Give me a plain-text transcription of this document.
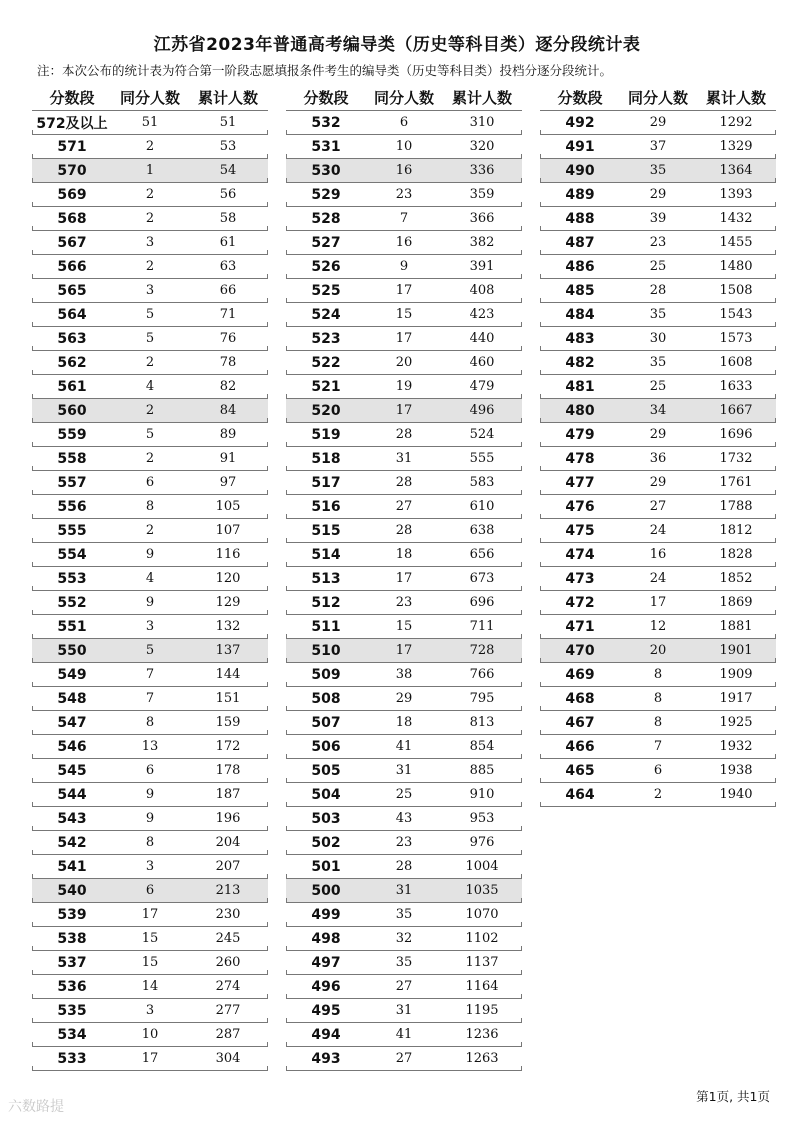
江苏省2023年普通高考编导类（历史等科目类）逐分段统计表
注：本次公布的统计表为符合第一阶段志愿填报条件考生的编导类（历史等科目类）投档分逐分段统计。
分数段	同分人数	累计人数
572及以上	51	51
571	2	53
570	1	54
569	2	56
568	2	58
567	3	61
566	2	63
565	3	66
564	5	71
563	5	76
562	2	78
561	4	82
560	2	84
559	5	89
558	2	91
557	6	97
556	8	105
555	2	107
554	9	116
553	4	120
552	9	129
551	3	132
550	5	137
549	7	144
548	7	151
547	8	159
546	13	172
545	6	178
544	9	187
543	9	196
542	8	204
541	3	207
540	6	213
539	17	230
538	15	245
537	15	260
536	14	274
535	3	277
534	10	287
533	17	304
分数段	同分人数	累计人数
532	6	310
531	10	320
530	16	336
529	23	359
528	7	366
527	16	382
526	9	391
525	17	408
524	15	423
523	17	440
522	20	460
521	19	479
520	17	496
519	28	524
518	31	555
517	28	583
516	27	610
515	28	638
514	18	656
513	17	673
512	23	696
511	15	711
510	17	728
509	38	766
508	29	795
507	18	813
506	41	854
505	31	885
504	25	910
503	43	953
502	23	976
501	28	1004
500	31	1035
499	35	1070
498	32	1102
497	35	1137
496	27	1164
495	31	1195
494	41	1236
493	27	1263
分数段	同分人数	累计人数
492	29	1292
491	37	1329
490	35	1364
489	29	1393
488	39	1432
487	23	1455
486	25	1480
485	28	1508
484	35	1543
483	30	1573
482	35	1608
481	25	1633
480	34	1667
479	29	1696
478	36	1732
477	29	1761
476	27	1788
475	24	1812
474	16	1828
473	24	1852
472	17	1869
471	12	1881
470	20	1901
469	8	1909
468	8	1917
467	8	1925
466	7	1932
465	6	1938
464	2	1940
第1页, 共1页
六数路提
